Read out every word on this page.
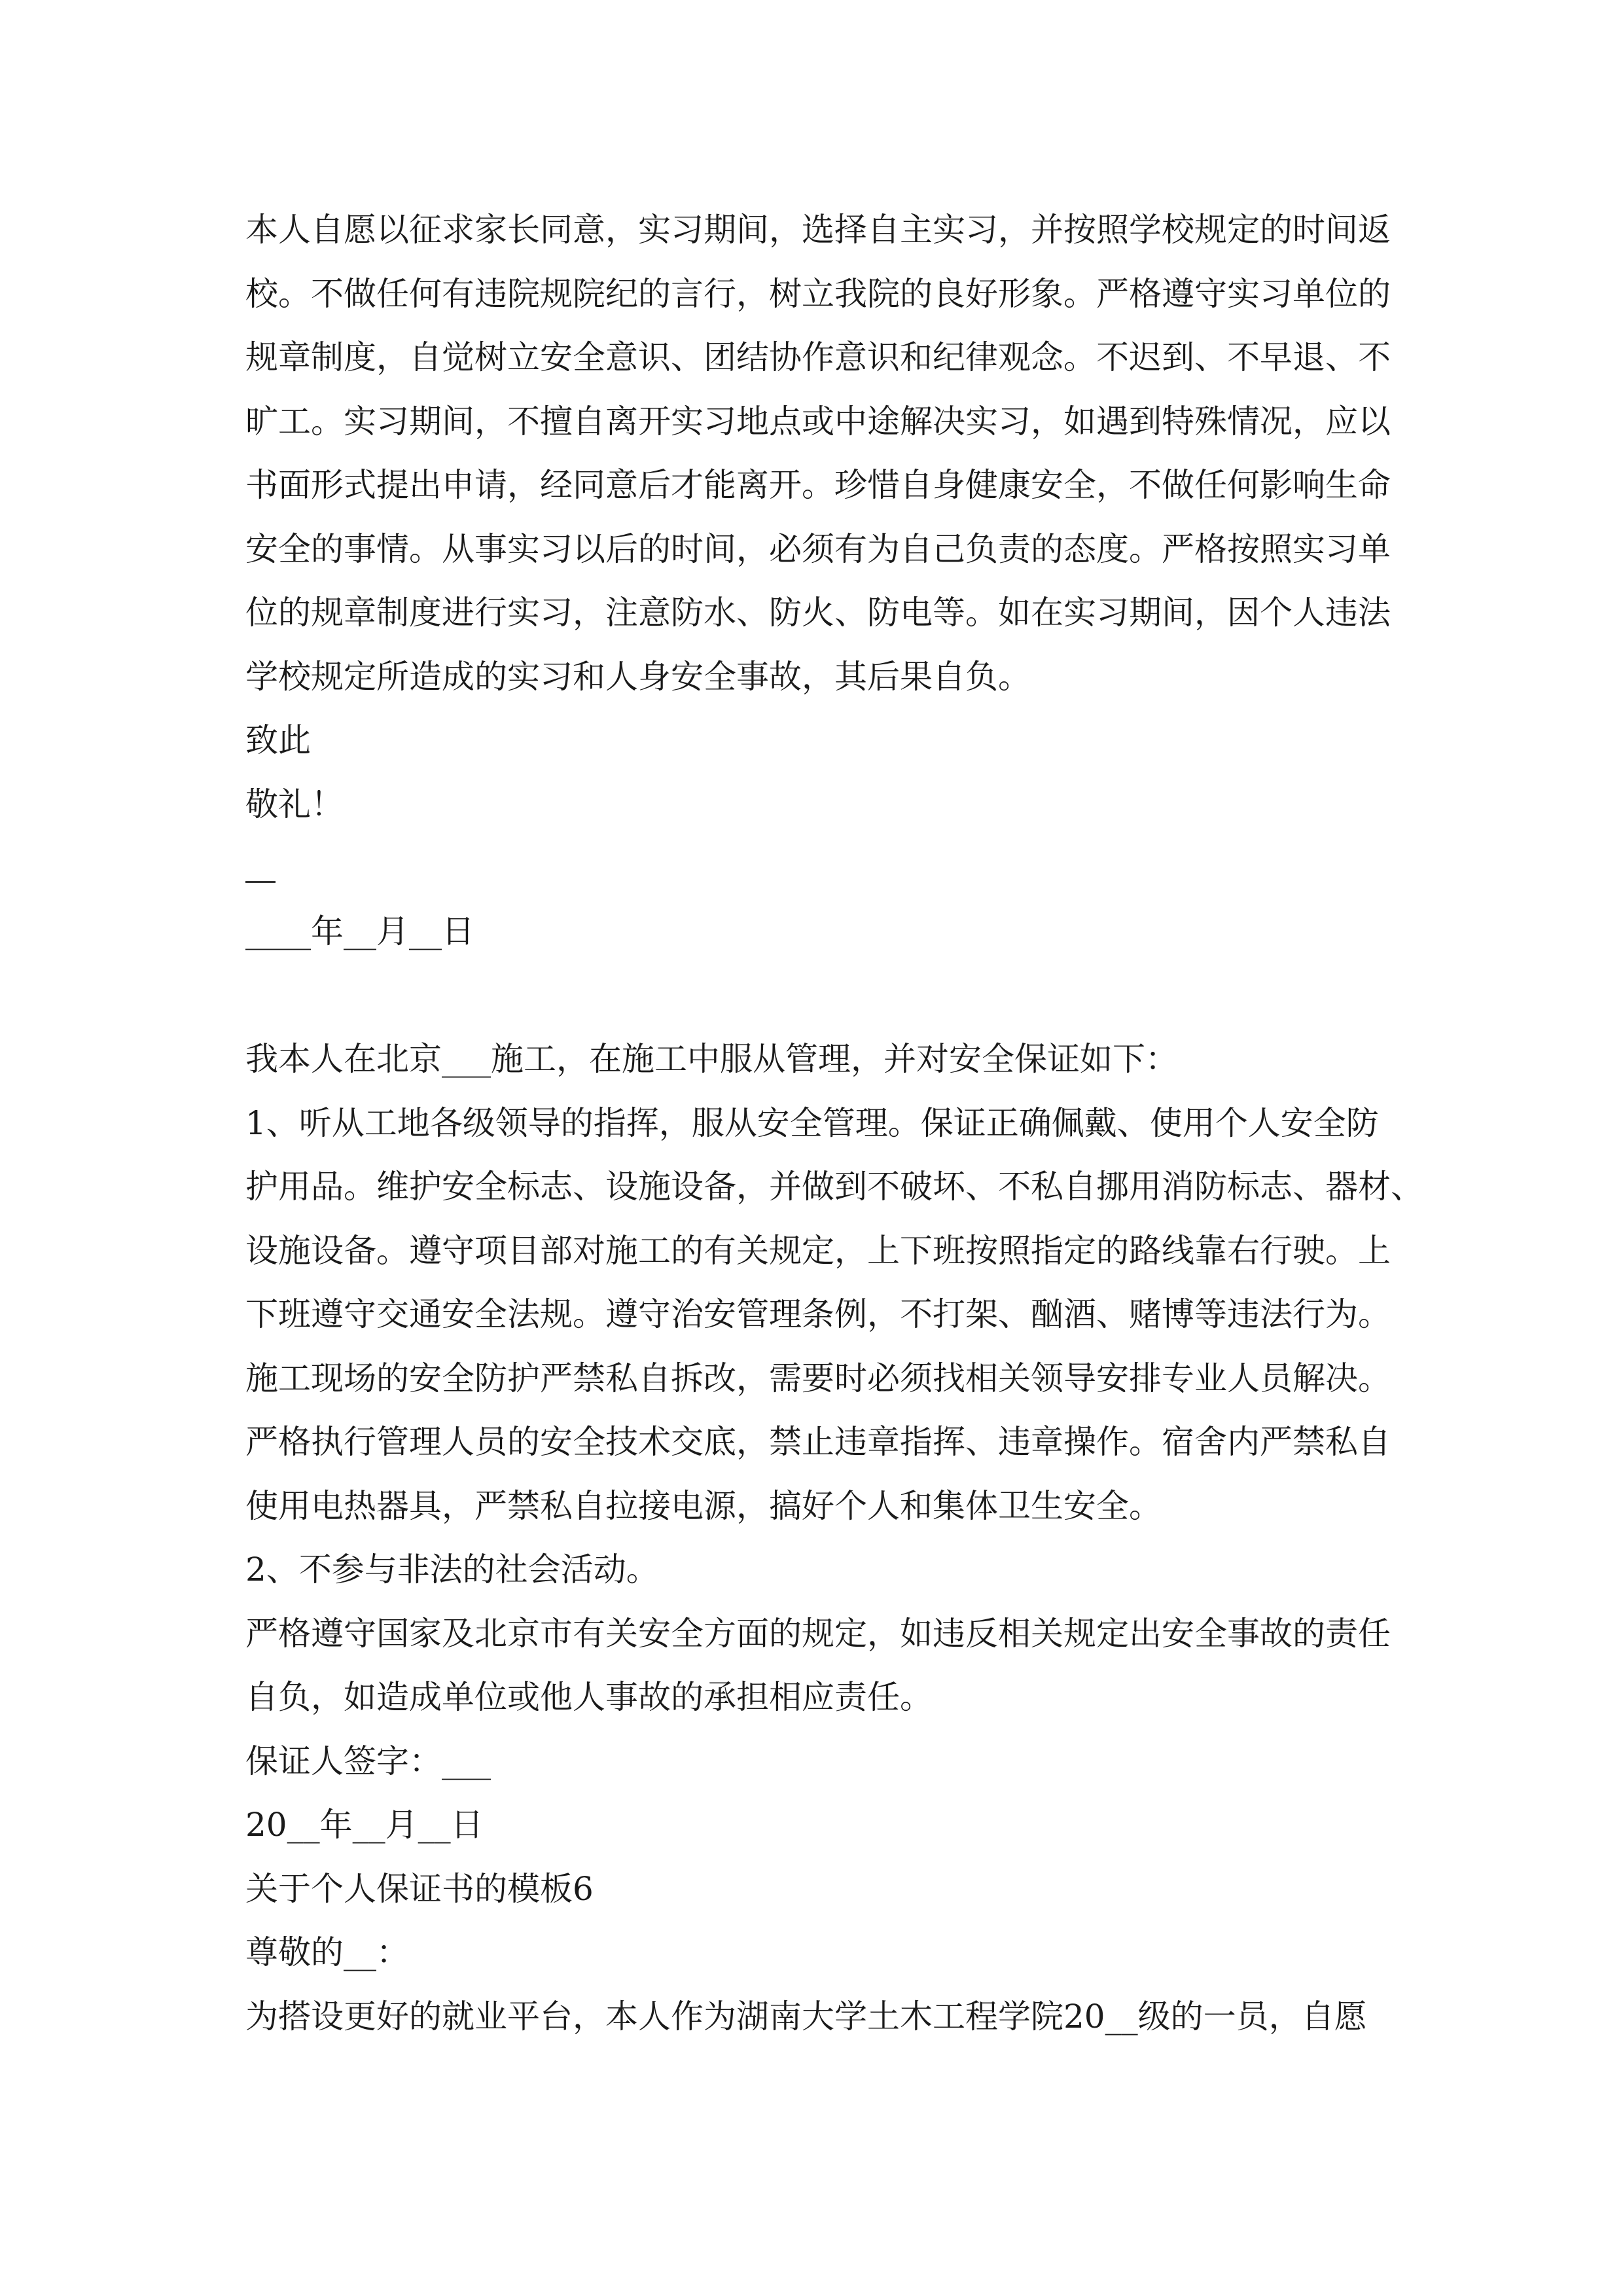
本人自愿以征求家长同意，实习期间，选择自主实习，并按照学校规定的时间返
校。不做任何有违院规院纪的言行，树立我院的良好形象。严格遵守实习单位的
规章制度，自觉树立安全意识、团结协作意识和纪律观念。不迟到、不早退、不
旷工。实习期间，不擅自离开实习地点或中途解决实习，如遇到特殊情况，应以
书面形式提出申请，经同意后才能离开。珍惜自身健康安全，不做任何影响生命
安全的事情。从事实习以后的时间，必须有为自己负责的态度。严格按照实习单
位的规章制度进行实习，注意防水、防火、防电等。如在实习期间，因个人违法
学校规定所造成的实习和人身安全事故，其后果自负。
致此
敬礼！
____年__月__日
我本人在北京___施工，在施工中服从管理，并对安全保证如下：
1、听从工地各级领导的指挥，服从安全管理。保证正确佩戴、使用个人安全防
护用品。维护安全标志、设施设备，并做到不破坏、不私自挪用消防标志、器材、
设施设备。遵守项目部对施工的有关规定，上下班按照指定的路线靠右行驶。上
下班遵守交通安全法规。遵守治安管理条例，不打架、酗酒、赌博等违法行为。
施工现场的安全防护严禁私自拆改，需要时必须找相关领导安排专业人员解决。
严格执行管理人员的安全技术交底，禁止违章指挥、违章操作。宿舍内严禁私自
使用电热器具，严禁私自拉接电源，搞好个人和集体卫生安全。
2、不参与非法的社会活动。
严格遵守国家及北京市有关安全方面的规定，如违反相关规定出安全事故的责任
自负，如造成单位或他人事故的承担相应责任。
保证人签字：___
20__年__月__日
关于个人保证书的模板6
尊敬的__：
为搭设更好的就业平台，本人作为湖南大学土木工程学院20__级的一员，自愿
